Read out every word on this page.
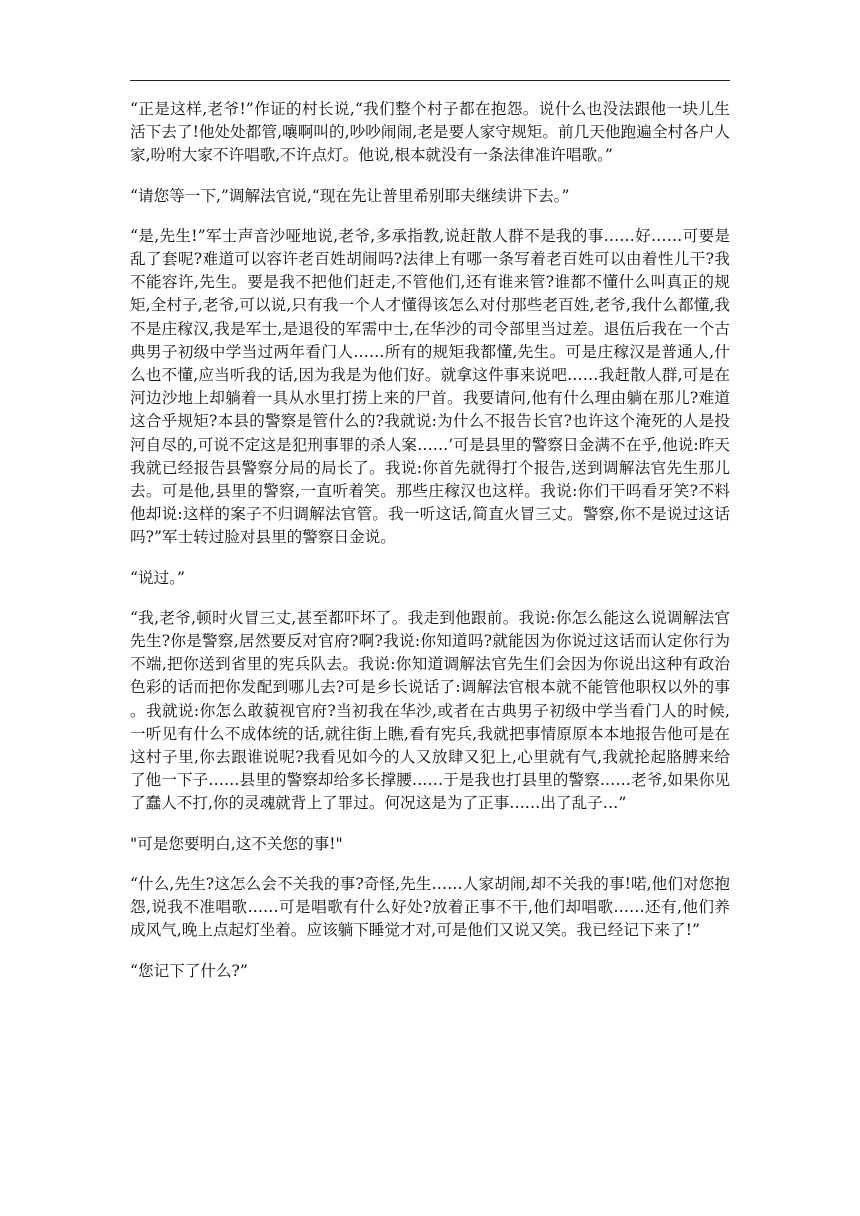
“正是这样,老爷!”作证的村长说,“我们整个村子都在抱怨。说什么也没法跟他一块儿生活下去了!他处处都管,嚷啊叫的,吵吵闹闹,老是要人家守规矩。前几天他跑遍全村各户人家,吩咐大家不许唱歌,不许点灯。他说,根本就没有一条法律准许唱歌。”

“请您等一下,”调解法官说,“现在先让普里希别耶夫继续讲下去。”

“是,先生!”军士声音沙哑地说,老爷,多承指教,说赶散人群不是我的事……好……可要是乱了套呢?难道可以容许老百姓胡闹吗?法律上有哪一条写着老百姓可以由着性儿干?我不能容许,先生。要是我不把他们赶走,不管他们,还有谁来管?谁都不懂什么叫真正的规矩,全村子,老爷,可以说,只有我一个人才懂得该怎么对付那些老百姓,老爷,我什么都懂,我不是庄稼汉,我是军士,是退役的军需中士,在华沙的司令部里当过差。退伍后我在一个古典男子初级中学当过两年看门人……所有的规矩我都懂,先生。可是庄稼汉是普通人,什么也不懂,应当听我的话,因为我是为他们好。就拿这件事来说吧……我赶散人群,可是在河边沙地上却躺着一具从水里打捞上来的尸首。我要请问,他有什么理由躺在那儿?难道这合乎规矩?本县的警察是管什么的?我就说:为什么不报告长官?也许这个淹死的人是投河自尽的,可说不定这是犯刑事罪的杀人案……’可是县里的警察日金满不在乎,他说:昨天我就已经报告县警察分局的局长了。我说:你首先就得打个报告,送到调解法官先生那儿去。可是他,县里的警察,一直听着笑。那些庄稼汉也这样。我说:你们干吗看牙笑?不料他却说:这样的案子不归调解法官管。我一听这话,简直火冒三丈。警察,你不是说过这话吗?”军士转过脸对县里的警察日金说。

“说过。”

“我,老爷,顿时火冒三丈,甚至都吓坏了。我走到他跟前。我说:你怎么能这么说调解法官先生?你是警察,居然要反对官府?啊?我说:你知道吗?就能因为你说过这话而认定你行为不端,把你送到省里的宪兵队去。我说:你知道调解法官先生们会因为你说出这种有政治色彩的话而把你发配到哪儿去?可是乡长说话了:调解法官根本就不能管他职权以外的事。我就说:你怎么敢藐视官府?当初我在华沙,或者在古典男子初级中学当看门人的时候,一听见有什么不成体统的话,就往街上瞧,看有宪兵,我就把事情原原本本地报告他可是在这村子里,你去跟谁说呢?我看见如今的人又放肆又犯上,心里就有气,我就抡起胳膊来给了他一下子……县里的警察却给多长撑腰……于是我也打县里的警察……老爷,如果你见了蠢人不打,你的灵魂就背上了罪过。何况这是为了正事……出了乱子…”

"可是您要明白,这不关您的事!"

“什么,先生?这怎么会不关我的事?奇怪,先生……人家胡闹,却不关我的事!喏,他们对您抱怨,说我不准唱歌……可是唱歌有什么好处?放着正事不干,他们却唱歌……还有,他们养成风气,晚上点起灯坐着。应该躺下睡觉才对,可是他们又说又笑。我已经记下来了!”

“您记下了什么?”
